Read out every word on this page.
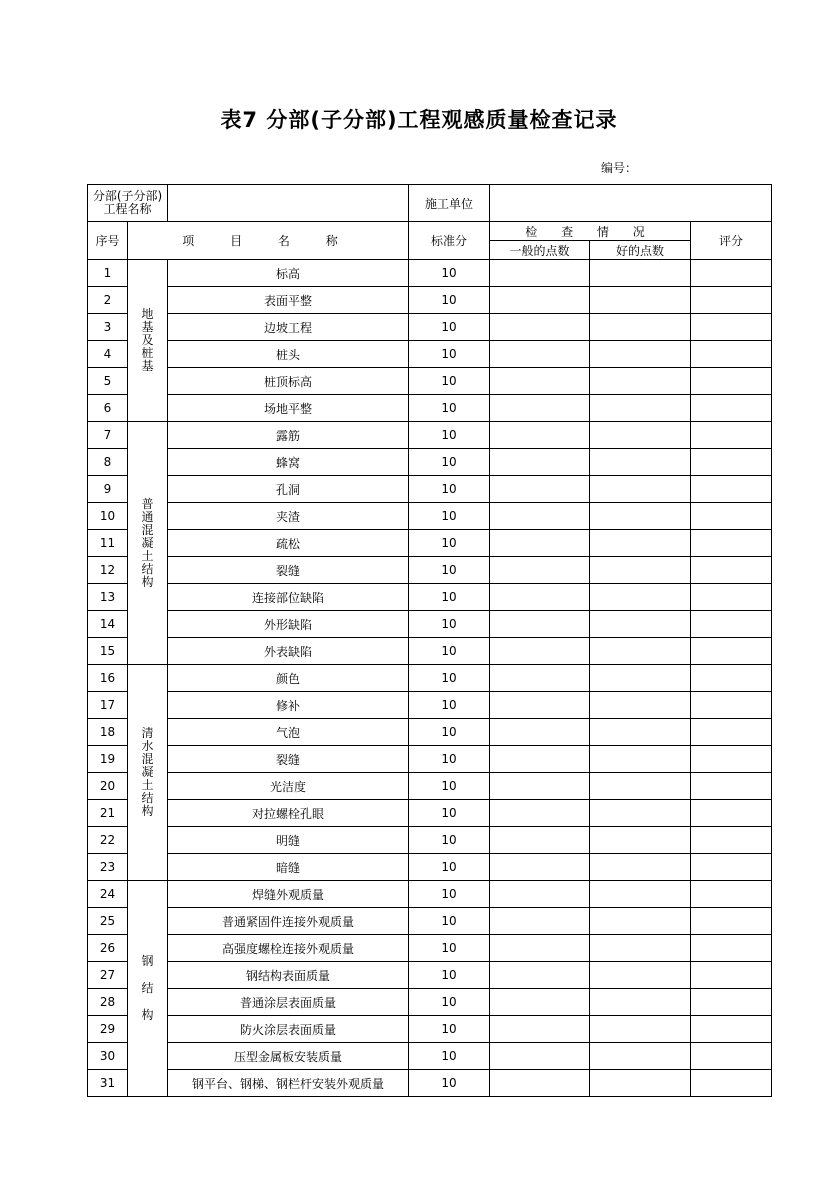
表7 分部(子分部)工程观感质量检查记录
编号：
分部(子分部)
工程名称			施工单位			
序号	项 目 名 称		标准分	检 查 情 况		评分
				一般的点数	好的点数	
1	地基及桩基	标高	10			
2		表面平整	10			
3		边坡工程	10			
4		桩头	10			
5		桩顶标高	10			
6		场地平整	10			
7	普通混凝土结构	露筋	10			
8		蜂窝	10			
9		孔洞	10			
10		夹渣	10			
11		疏松	10			
12		裂缝	10			
13		连接部位缺陷	10			
14		外形缺陷	10			
15		外表缺陷	10			
16	清水混凝土结构	颜色	10			
17		修补	10			
18		气泡	10			
19		裂缝	10			
20		光洁度	10			
21		对拉螺栓孔眼	10			
22		明缝	10			
23		暗缝	10			
24	钢结构	焊缝外观质量	10			
25		普通紧固件连接外观质量	10			
26		高强度螺栓连接外观质量	10			
27		钢结构表面质量	10			
28		普通涂层表面质量	10			
29		防火涂层表面质量	10			
30		压型金属板安装质量	10			
31		钢平台、钢梯、钢栏杆安装外观质量	10			
